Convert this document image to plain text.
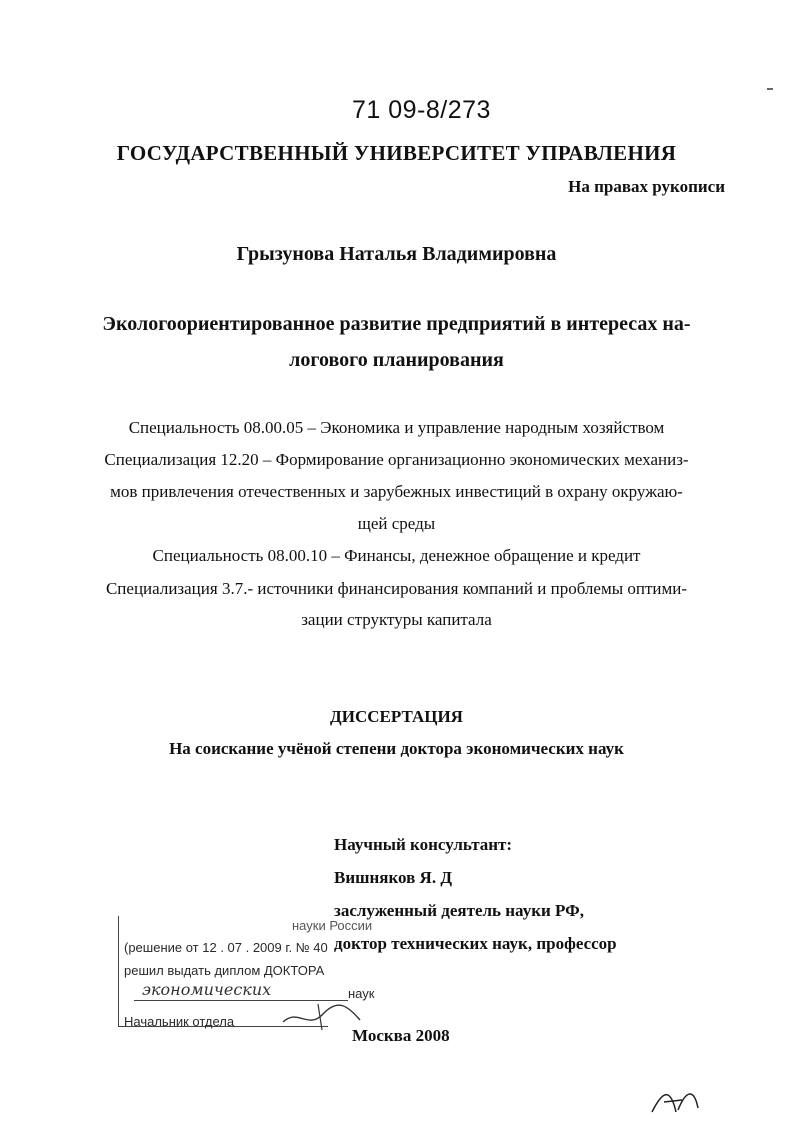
71 09-8/273
ГОСУДАРСТВЕННЫЙ УНИВЕРСИТЕТ УПРАВЛЕНИЯ
На правах рукописи
Грызунова Наталья Владимировна
Экологоориентированное развитие предприятий в интересах на-
логового планирования
Специальность 08.00.05 – Экономика и управление народным хозяйством
Специализация 12.20 – Формирование организационно экономических механиз-
мов привлечения отечественных и зарубежных инвестиций в охрану окружаю-
щей среды
Специальность 08.00.10 – Финансы, денежное обращение и кредит
Специализация 3.7.- источники финансирования компаний и проблемы оптими-
зации структуры капитала
ДИССЕРТАЦИЯ
На соискание учёной степени доктора экономических наук
Научный консультант:
Вишняков Я. Д
заслуженный деятель науки РФ,
доктор технических наук, профессор
науки России
(решение от 12 . 07 . 2009 г. № 40
решил выдать диплом ДОКТОРА
экономических	наук
Начальник отдела
Москва 2008
